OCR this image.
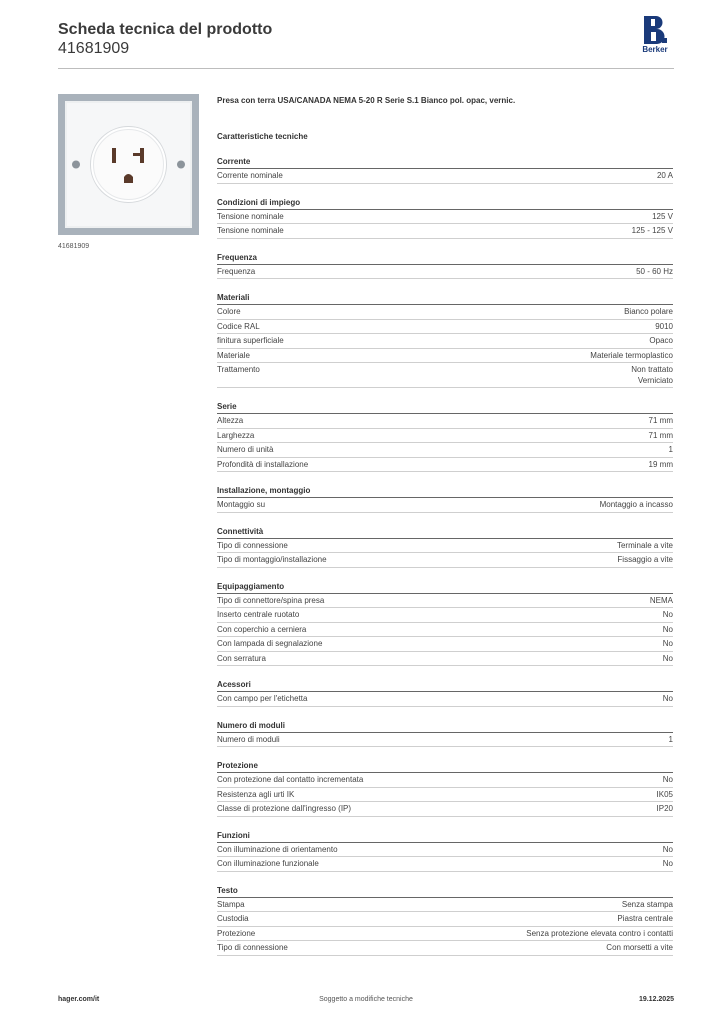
Scheda tecnica del prodotto
41681909	Berker
41681909
Presa con terra USA/CANADA NEMA 5-20 R Serie S.1 Bianco pol. opac, vernic.
Caratteristiche tecniche
Corrente
Corrente nominale	20 A
Condizioni di impiego
Tensione nominale	125 V
Tensione nominale	125 - 125 V
Frequenza
Frequenza	50 - 60 Hz
Materiali
Colore	Bianco polare
Codice RAL	9010
finitura superficiale	Opaco
Materiale	Materiale termoplastico
Trattamento	Non trattato
Verniciato
Serie
Altezza	71 mm
Larghezza	71 mm
Numero di unità	1
Profondità di installazione	19 mm
Installazione, montaggio
Montaggio su	Montaggio a incasso
Connettività
Tipo di connessione	Terminale a vite
Tipo di montaggio/installazione	Fissaggio a vite
Equipaggiamento
Tipo di connettore/spina presa	NEMA
Inserto centrale ruotato	No
Con coperchio a cerniera	No
Con lampada di segnalazione	No
Con serratura	No
Acessori
Con campo per l'etichetta	No
Numero di moduli
Numero di moduli	1
Protezione
Con protezione dal contatto incrementata	No
Resistenza agli urti IK	IK05
Classe di protezione dall'ingresso (IP)	IP20
Funzioni
Con illuminazione di orientamento	No
Con illuminazione funzionale	No
Testo
Stampa	Senza stampa
Custodia	Piastra centrale
Protezione	Senza protezione elevata contro i contatti
Tipo di connessione	Con morsetti a vite
hager.com/it	Soggetto a modifiche tecniche	19.12.2025
